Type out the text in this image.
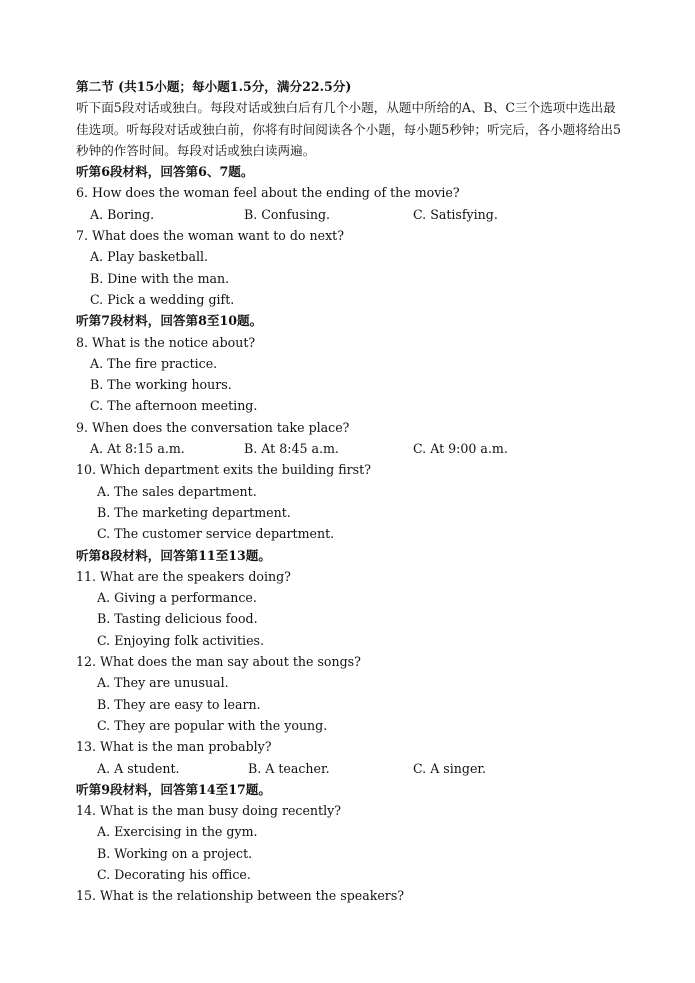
第二节 (共15小题；每小题1.5分，满分22.5分)
听下面5段对话或独白。每段对话或独白后有几个小题，从题中所给的A、B、C三个选项中选出最佳选项。听每段对话或独白前，你将有时间阅读各个小题，每小题5秒钟；听完后，各小题将给出5秒钟的作答时间。每段对话或独白读两遍。
听第6段材料，回答第6、7题。
6. How does the woman feel about the ending of the movie?
A. Boring.	B. Confusing.	C. Satisfying.
7. What does the woman want to do next?
A. Play basketball.
B. Dine with the man.
C. Pick a wedding gift.
听第7段材料，回答第8至10题。
8. What is the notice about?
A. The fire practice.
B. The working hours.
C. The afternoon meeting.
9. When does the conversation take place?
A. At 8:15 a.m.	B. At 8:45 a.m.	C. At 9:00 a.m.
10. Which department exits the building first?
A. The sales department.
B. The marketing department.
C. The customer service department.
听第8段材料，回答第11至13题。
11. What are the speakers doing?
A. Giving a performance.
B. Tasting delicious food.
C. Enjoying folk activities.
12. What does the man say about the songs?
A. They are unusual.
B. They are easy to learn.
C. They are popular with the young.
13. What is the man probably?
A. A student.	B. A teacher.	C. A singer.
听第9段材料，回答第14至17题。
14. What is the man busy doing recently?
A. Exercising in the gym.
B. Working on a project.
C. Decorating his office.
15. What is the relationship between the speakers?
